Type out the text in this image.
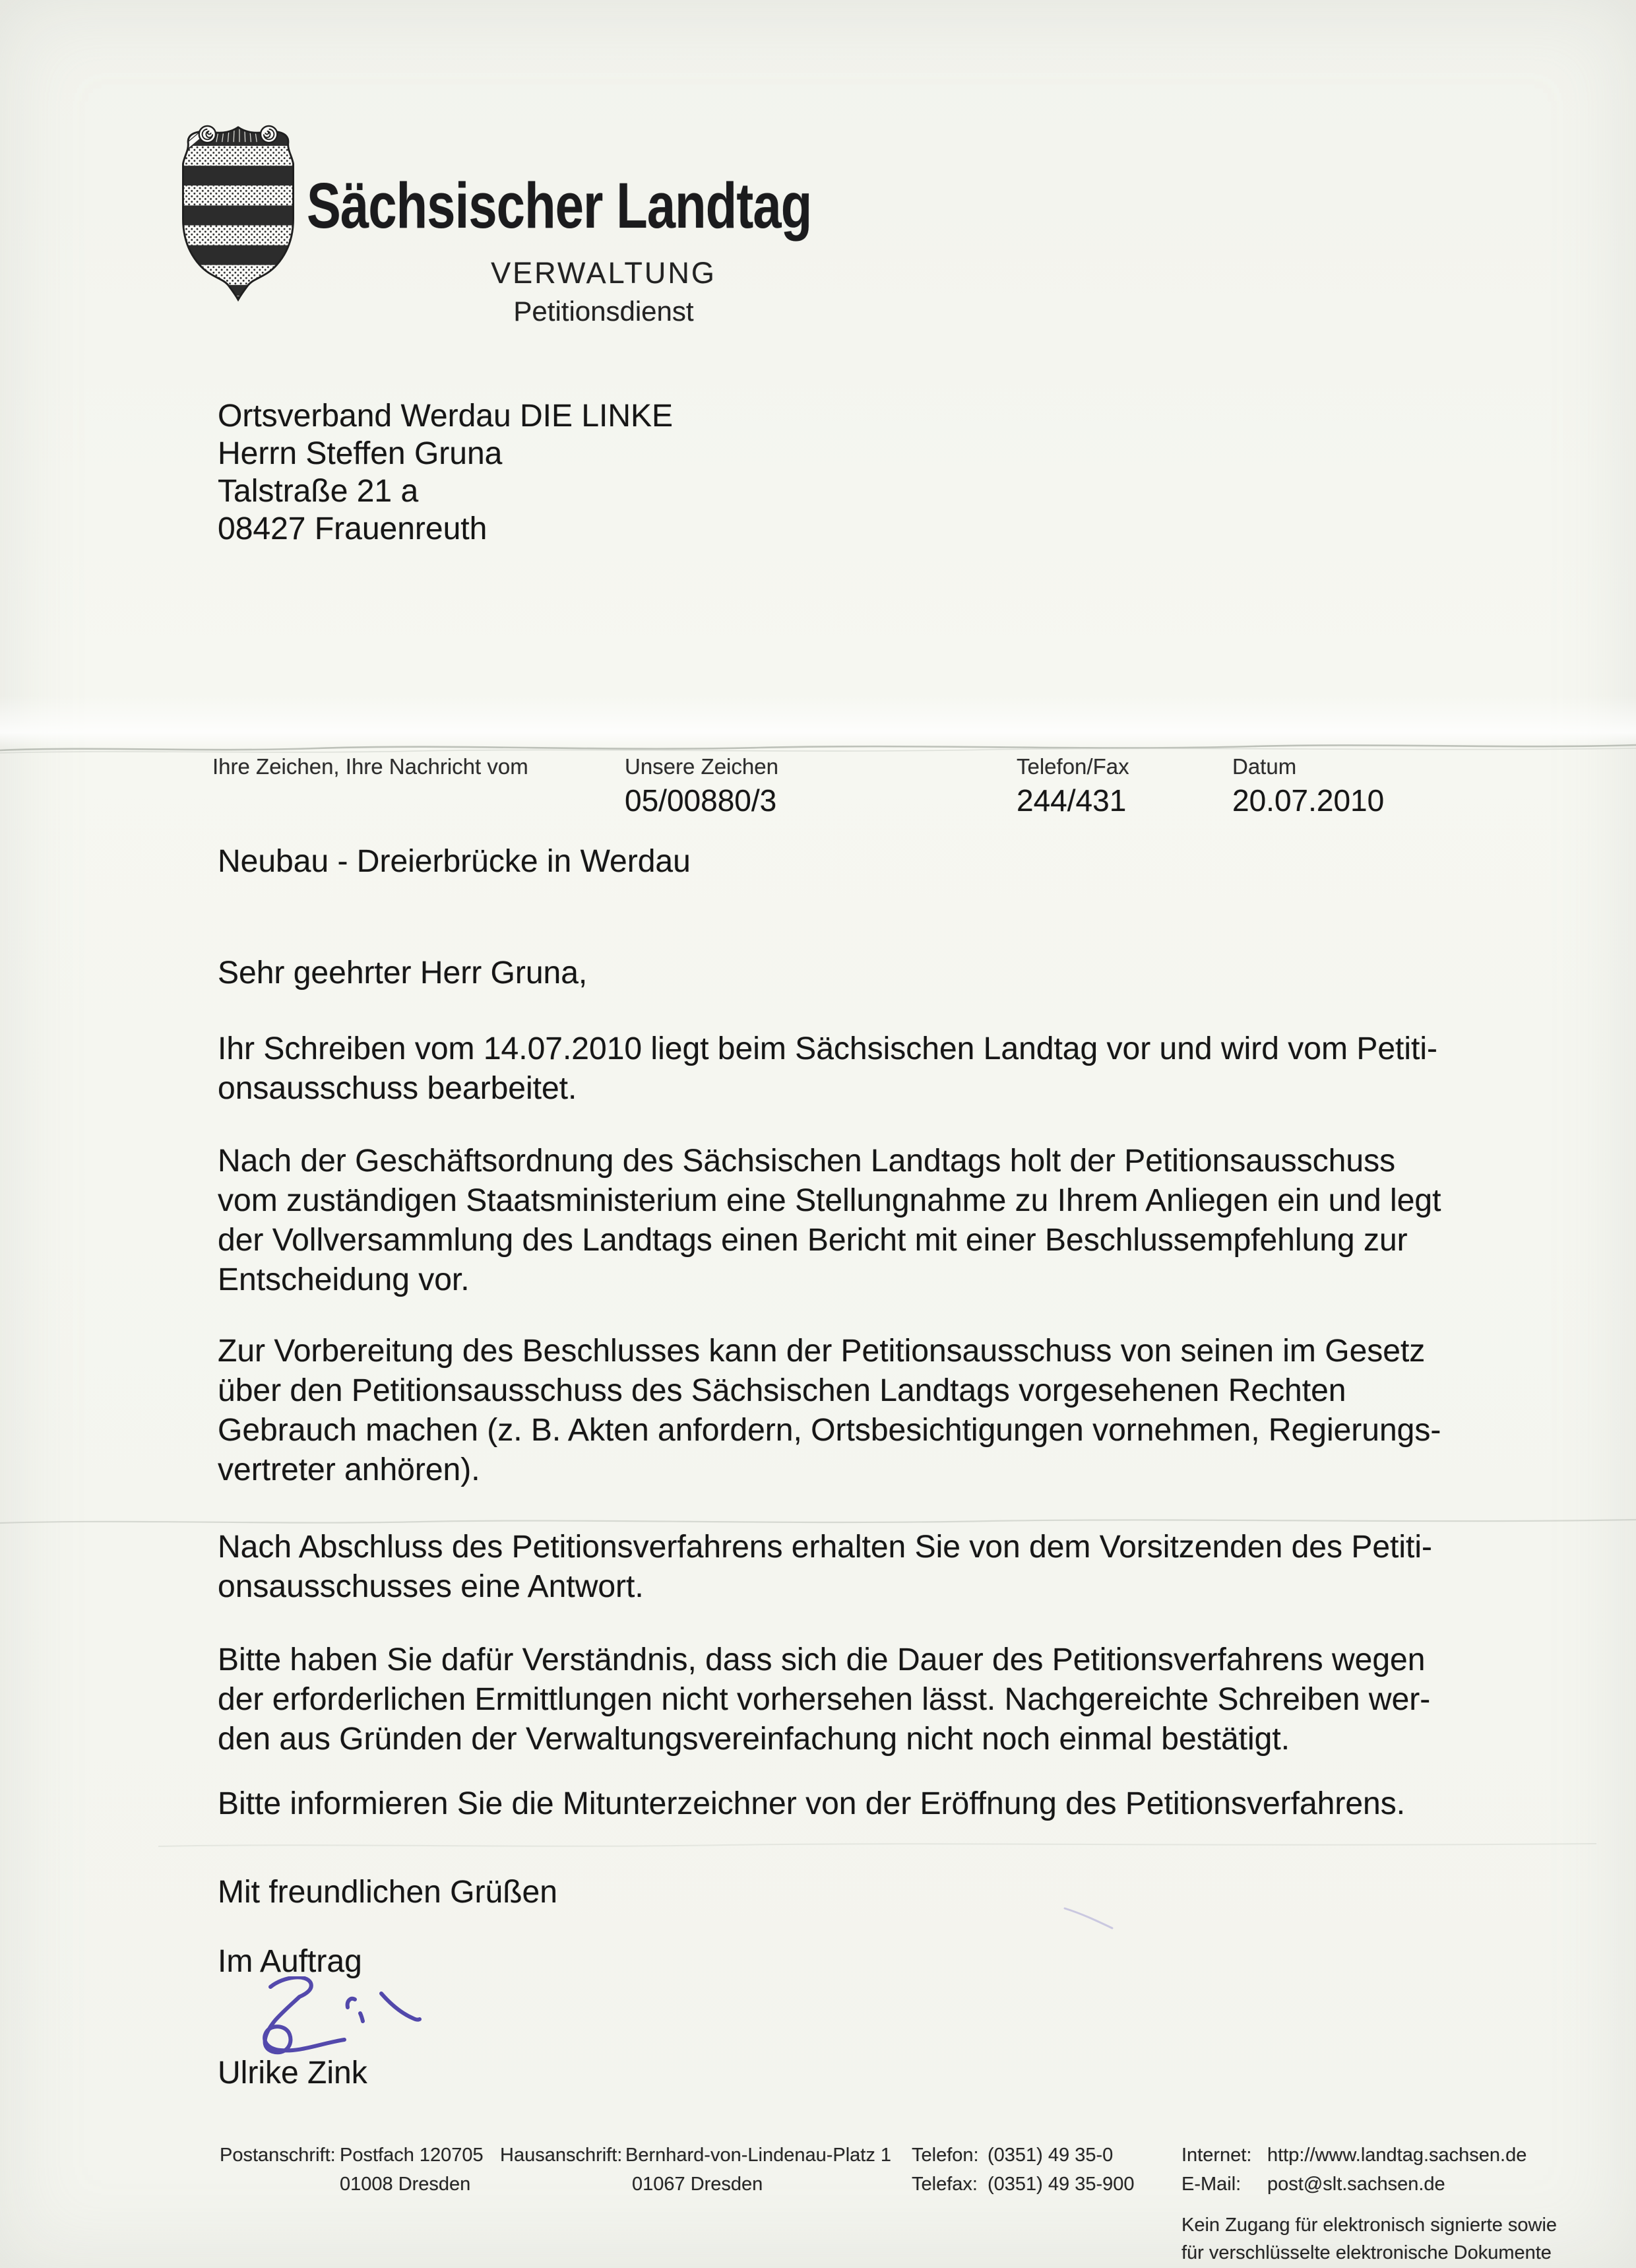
Sächsischer Landtag
VERWALTUNG
Petitionsdienst
Ortsverband Werdau DIE LINKE
Herrn Steffen Gruna
Talstraße 21 a
08427 Frauenreuth
Ihre Zeichen, Ihre Nachricht vom	Unsere Zeichen
05/00880/3
Telefon/Fax
244/431
Datum
20.07.2010
Neubau - Dreierbrücke in Werdau
Sehr geehrter Herr Gruna,
Ihr Schreiben vom 14.07.2010 liegt beim Sächsischen Landtag vor und wird vom Petiti-
onsausschuss bearbeitet.
Nach der Geschäftsordnung des Sächsischen Landtags holt der Petitionsausschuss
vom zuständigen Staatsministerium eine Stellungnahme zu Ihrem Anliegen ein und legt
der Vollversammlung des Landtags einen Bericht mit einer Beschlussempfehlung zur
Entscheidung vor.
Zur Vorbereitung des Beschlusses kann der Petitionsausschuss von seinen im Gesetz
über den Petitionsausschuss des Sächsischen Landtags vorgesehenen Rechten
Gebrauch machen (z. B. Akten anfordern, Ortsbesichtigungen vornehmen, Regierungs-
vertreter anhören).
Nach Abschluss des Petitionsverfahrens erhalten Sie von dem Vorsitzenden des Petiti-
onsausschusses eine Antwort.
Bitte haben Sie dafür Verständnis, dass sich die Dauer des Petitionsverfahrens wegen
der erforderlichen Ermittlungen nicht vorhersehen lässt. Nachgereichte Schreiben wer-
den aus Gründen der Verwaltungsvereinfachung nicht noch einmal bestätigt.
Bitte informieren Sie die Mitunterzeichner von der Eröffnung des Petitionsverfahrens.
Mit freundlichen Grüßen
Im Auftrag
Ulrike Zink
Postanschrift: Postfach 120705
01008 Dresden
Hausanschrift: Bernhard-von-Lindenau-Platz 1
01067 Dresden
Telefon: (0351) 49 35-0
Telefax: (0351) 49 35-900
Internet: http://www.landtag.sachsen.de
E-Mail: post@slt.sachsen.de
Kein Zugang für elektronisch signierte sowie
für verschlüsselte elektronische Dokumente
